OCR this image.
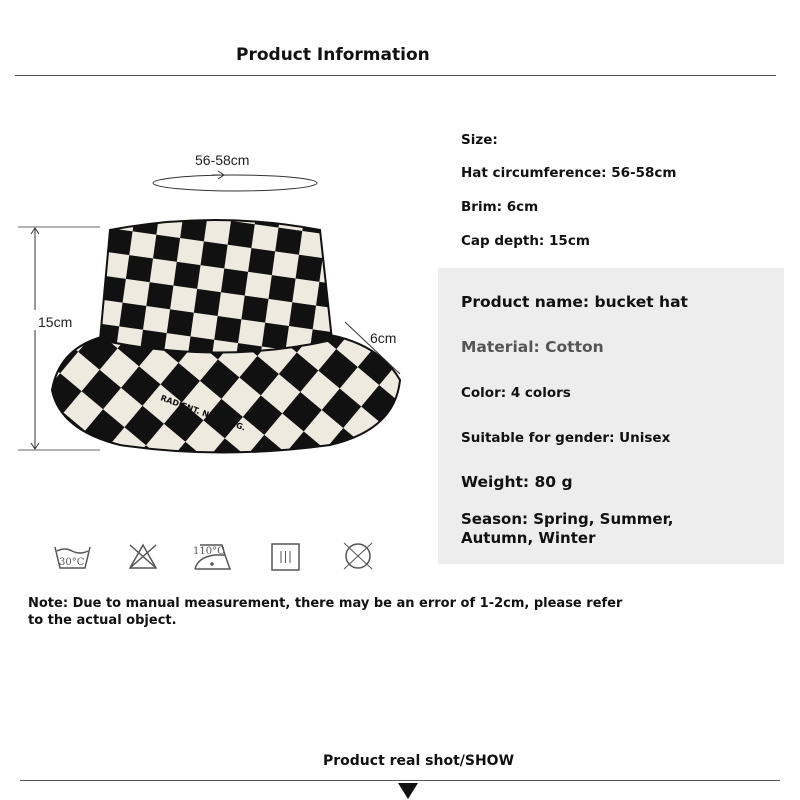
Product Information
Size:
Hat circumference: 56-58cm
Brim: 6cm
Cap depth: 15cm
Product name: bucket hat
Material: Cotton
Color: 4 colors
Suitable for gender: Unisex
Weight: 80 g
Season: Spring, Summer,
Autumn, Winter
56-58cm
15cm
RADIENT. NIESSING.
6cm
30°C
110°C
Note: Due to manual measurement, there may be an error of 1-2cm, please refer
to the actual object.
Product real shot/SHOW
